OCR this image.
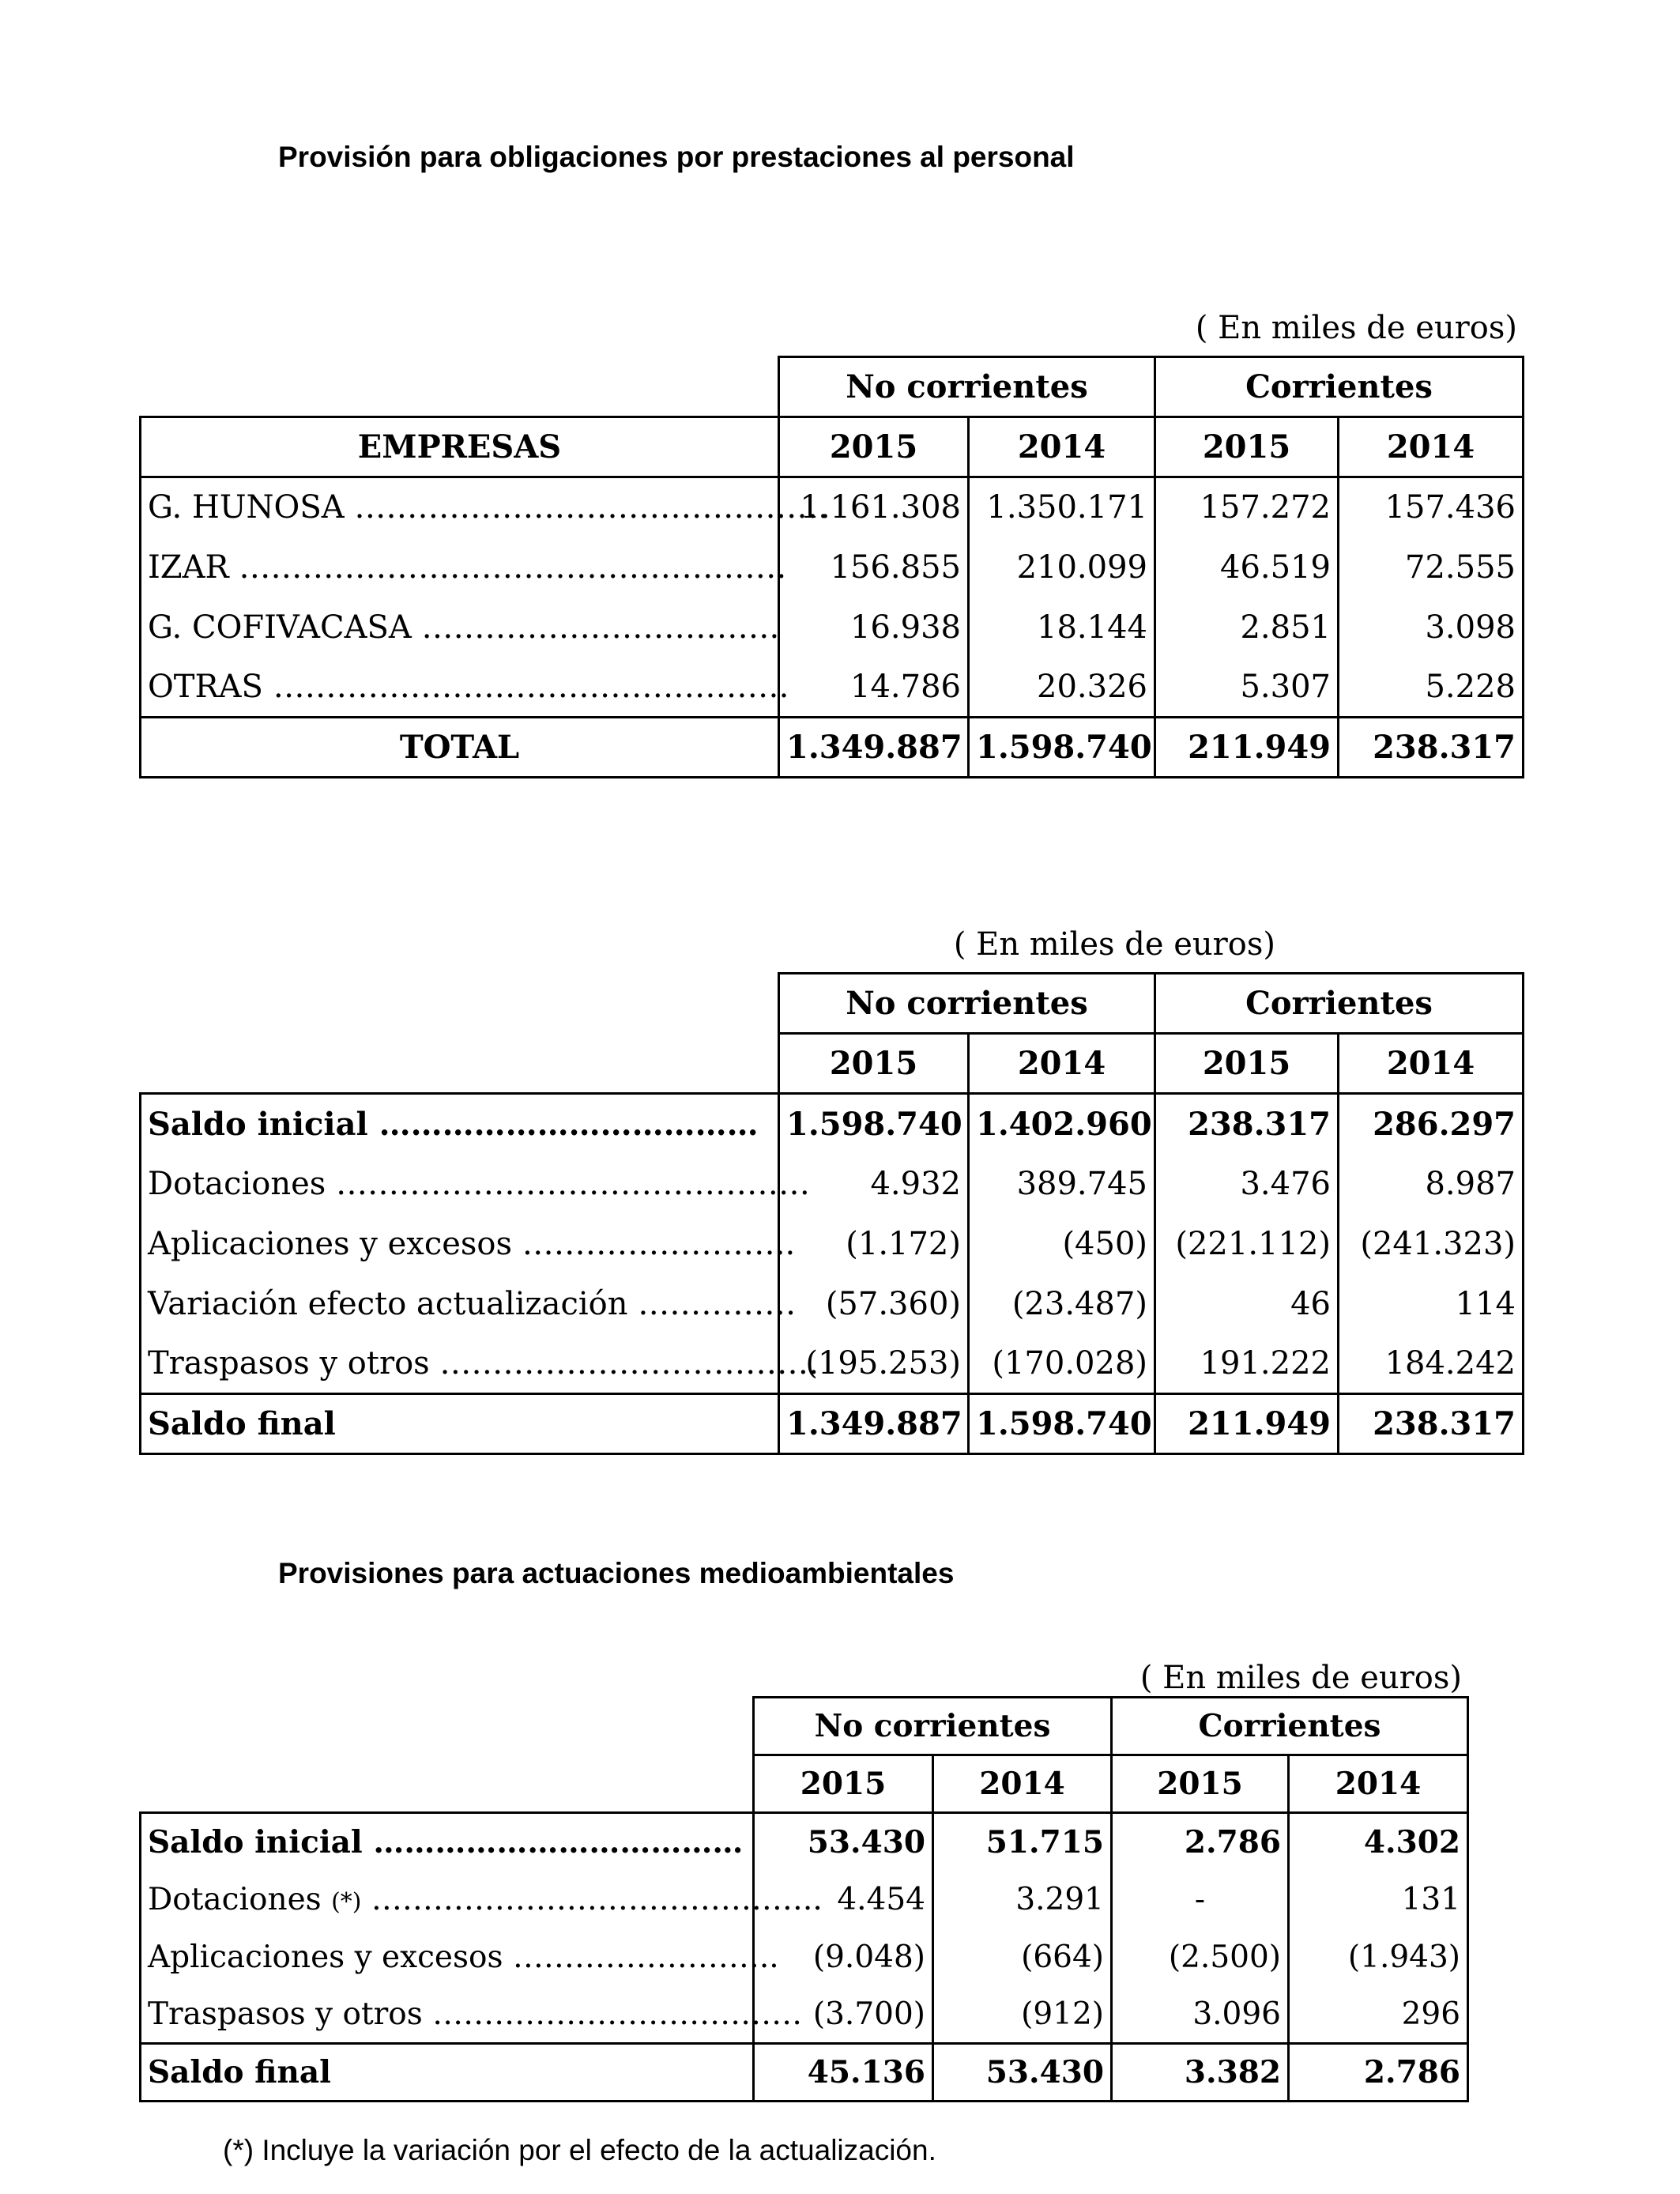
Provisión para obligaciones por prestaciones al personal
( En miles de euros)
	No corrientes		Corrientes	
EMPRESAS	2015	2014	2015	2014
G. HUNOSA ………………………………………	1.161.308	1.350.171	157.272	157.436
IZAR …………………………………………….	156.855	210.099	46.519	72.555
G. COFIVACASA …………………………….	16.938	18.144	2.851	3.098
OTRAS ………………………………………….	14.786	20.326	5.307	5.228
TOTAL	1.349.887	1.598.740	211.949	238.317
( En miles de euros)
	No corrientes		Corrientes	
	2015	2014	2015	2014
Saldo inicial ………………………………	1.598.740	1.402.960	238.317	286.297
Dotaciones ………………………………………	4.932	389.745	3.476	8.987
Aplicaciones y excesos ……………………..	(1.172)	(450)	(221.112)	(241.323)
Variación efecto actualización ……………	(57.360)	(23.487)	46	114
Traspasos y otros ………………………………	(195.253)	(170.028)	191.222	184.242
Saldo final	1.349.887	1.598.740	211.949	238.317
Provisiones para actuaciones medioambientales
( En miles de euros)
	No corrientes		Corrientes	
	2015	2014	2015	2014
Saldo inicial ………………………………	53.430	51.715	2.786	4.302
Dotaciones (*) ……………………………………..	4.454	3.291	-	131
Aplicaciones y excesos ……………………..	(9.048)	(664)	(2.500)	(1.943)
Traspasos y otros ………………………………	(3.700)	(912)	3.096	296
Saldo final	45.136	53.430	3.382	2.786
(*) Incluye la variación por el efecto de la actualización.
